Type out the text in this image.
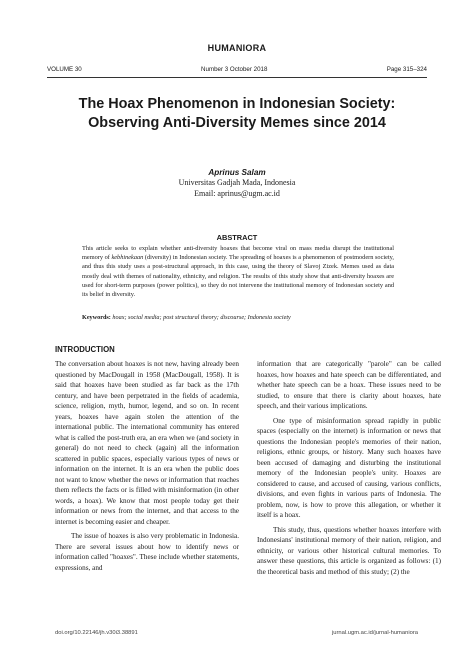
HUMANIORA
VOLUME 30	Number 3 October 2018	Page 315–324
The Hoax Phenomenon in Indonesian Society:
Observing Anti-Diversity Memes since 2014
Aprinus Salam
Universitas Gadjah Mada, Indonesia
Email: aprinus@ugm.ac.id
ABSTRACT
This article seeks to explain whether anti-diversity hoaxes that become viral on mass media disrupt the institutional memory of kebhinekaan (diversity) in Indonesian society. The spreading of hoaxes is a phenomenon of postmodern society, and thus this study uses a post-structural approach, in this case, using the theory of Slavoj Zizek. Memes used as data mostly deal with themes of nationality, ethnicity, and religion. The results of this study show that anti-diversity hoaxes are used for short-term purposes (power politics), so they do not intervene the institutional memory of Indonesian society and its belief in diversity.
Keywords: hoax; social media; post structural theory; discourse; Indonesia society
INTRODUCTION

The conversation about hoaxes is not new, having already been questioned by MacDougall in 1958 (MacDougall, 1958). It is said that hoaxes have been studied as far back as the 17th century, and have been perpetrated in the fields of academia, science, religion, myth, humor, legend, and so on. In recent years, hoaxes have again stolen the attention of the international public. The international community has entered what is called the post-truth era, an era when we (and society in general) do not need to check (again) all the information scattered in public spaces, especially various types of news or information on the internet. It is an era when the public does not want to know whether the news or information that reaches them reflects the facts or is filled with misinformation (in other words, a hoax). We know that most people today get their information or news from the internet, and that access to the internet is becoming easier and cheaper.

The issue of hoaxes is also very problematic in Indonesia. There are several issues about how to identify news or information called "hoaxes". These include whether statements, expressions, and

information that are categorically "parole" can be called hoaxes, how hoaxes and hate speech can be differentiated, and whether hate speech can be a hoax. These issues need to be studied, to ensure that there is clarity about hoaxes, hate speech, and their various implications.

One type of misinformation spread rapidly in public spaces (especially on the internet) is information or news that questions the Indonesian people's memories of their nation, religions, ethnic groups, or history. Many such hoaxes have been accused of damaging and disturbing the institutional memory of the Indonesian people's unity. Hoaxes are considered to cause, and accused of causing, various conflicts, divisions, and even fights in various parts of Indonesia. The problem, now, is how to prove this allegation, or whether it itself is a hoax.

This study, thus, questions whether hoaxes interfere with Indonesians' institutional memory of their nation, religion, and ethnicity, or various other historical cultural memories. To answer these questions, this article is organized as follows: (1) the theoretical basis and method of this study; (2) the

doi.org/10.22146/jh.v30i3.38891	jurnal.ugm.ac.id/jurnal-humaniora
